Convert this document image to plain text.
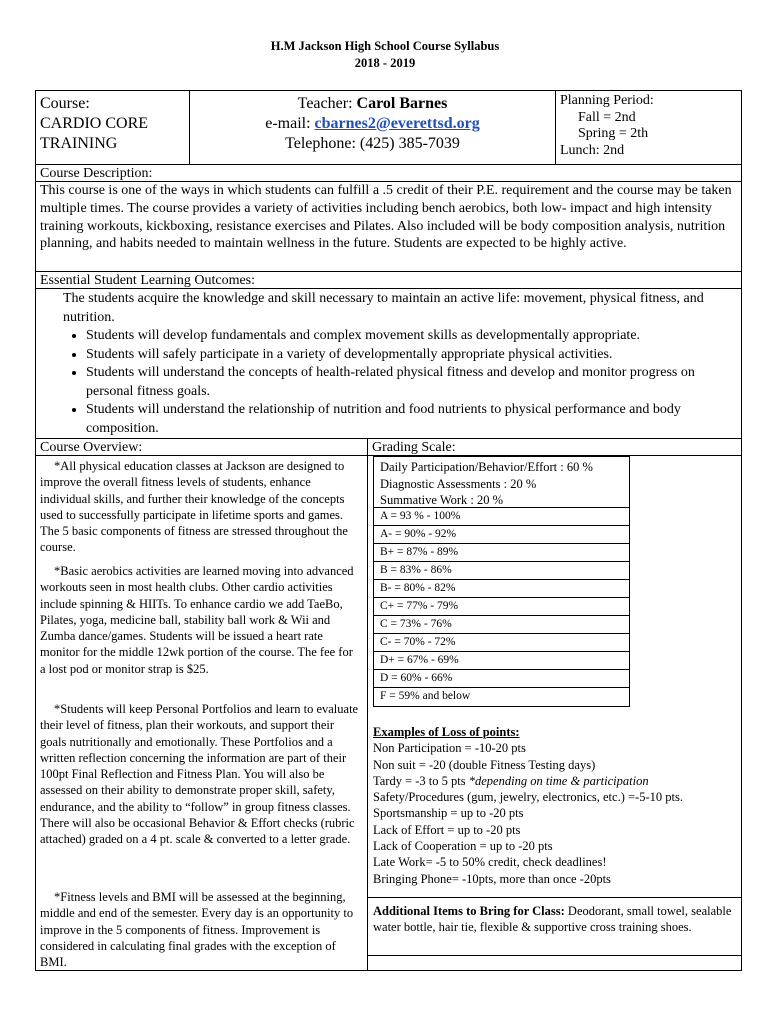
H.M Jackson High School Course Syllabus
2018 - 2019
Course:
CARDIO CORE
TRAINING
Teacher: Carol Barnes
e-mail: cbarnes2@everettsd.org
Telephone: (425) 385-7039
Planning Period:
Fall = 2nd
Spring = 2th
Lunch: 2nd
Course Description:
This course is one of the ways in which students can fulfill a .5 credit of their P.E. requirement and the course may be taken multiple times. The course provides a variety of activities including bench aerobics, both low- impact and high intensity training workouts, kickboxing, resistance exercises and Pilates. Also included will be body composition analysis, nutrition planning, and habits needed to maintain wellness in the future. Students are expected to be highly active.
Essential Student Learning Outcomes:
The students acquire the knowledge and skill necessary to maintain an active life: movement, physical fitness, and nutrition.
• Students will develop fundamentals and complex movement skills as developmentally appropriate.
• Students will safely participate in a variety of developmentally appropriate physical activities.
• Students will understand the concepts of health-related physical fitness and develop and monitor progress on personal fitness goals.
• Students will understand the relationship of nutrition and food nutrients to physical performance and body composition.
Course Overview:	Grading Scale:
*All physical education classes at Jackson are designed to improve the overall fitness levels of students, enhance individual skills, and further their knowledge of the concepts used to successfully participate in lifetime sports and games. The 5 basic components of fitness are stressed throughout the course.
*Basic aerobics activities are learned moving into advanced workouts seen in most health clubs. Other cardio activities include spinning & HIITs. To enhance cardio we add TaeBo, Pilates, yoga, medicine ball, stability ball work & Wii and Zumba dance/games. Students will be issued a heart rate monitor for the middle 12wk portion of the course. The fee for a lost pod or monitor strap is $25.
*Students will keep Personal Portfolios and learn to evaluate their level of fitness, plan their workouts, and support their goals nutritionally and emotionally. These Portfolios and a written reflection concerning the information are part of their 100pt Final Reflection and Fitness Plan. You will also be assessed on their ability to demonstrate proper skill, safety, endurance, and the ability to “follow” in group fitness classes. There will also be occasional Behavior & Effort checks (rubric attached) graded on a 4 pt. scale & converted to a letter grade.
*Fitness levels and BMI will be assessed at the beginning, middle and end of the semester. Every day is an opportunity to improve in the 5 components of fitness. Improvement is considered in calculating final grades with the exception of BMI.
Daily Participation/Behavior/Effort : 60 %
Diagnostic Assessments : 20 %
Summative Work : 20 %
A = 93 % - 100%
A- = 90% - 92%
B+ = 87% - 89%
B = 83% - 86%
B- = 80% - 82%
C+ = 77% - 79%
C = 73% - 76%
C- = 70% - 72%
D+ = 67% - 69%
D = 60% - 66%
F = 59% and below
Examples of Loss of points:
Non Participation = -10-20 pts
Non suit = -20 (double Fitness Testing days)
Tardy = -3 to 5 pts *depending on time & participation
Safety/Procedures (gum, jewelry, electronics, etc.) =-5-10 pts.
Sportsmanship = up to -20 pts
Lack of Effort = up to -20 pts
Lack of Cooperation = up to -20 pts
Late Work= -5 to 50% credit, check deadlines!
Bringing Phone= -10pts, more than once -20pts
Additional Items to Bring for Class: Deodorant, small towel, sealable water bottle, hair tie, flexible & supportive cross training shoes.
